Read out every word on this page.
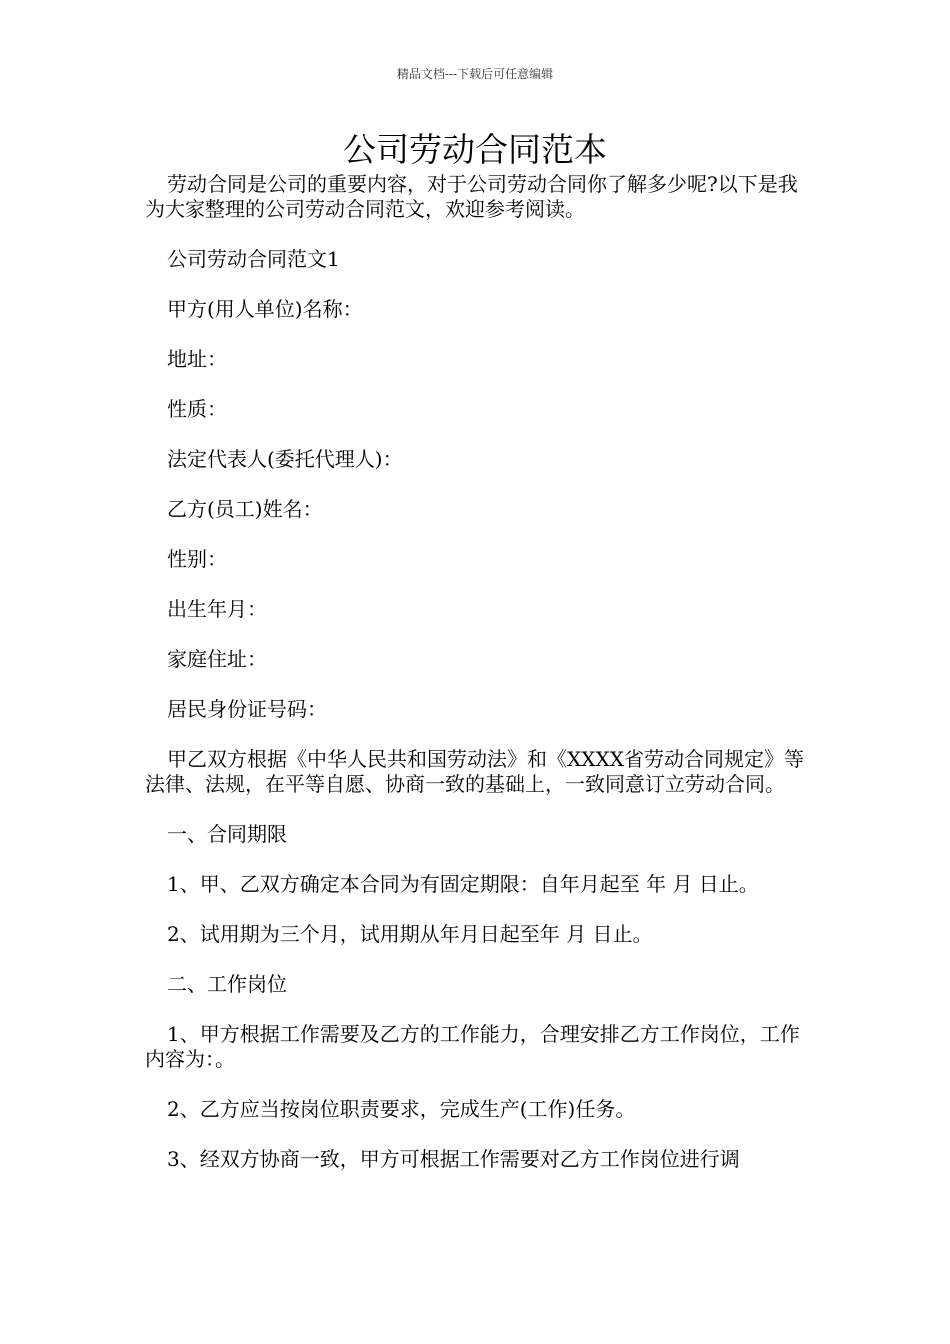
精品文档---下载后可任意编辑
公司劳动合同范本

劳动合同是公司的重要内容，对于公司劳动合同你了解多少呢?以下是我为大家整理的公司劳动合同范文，欢迎参考阅读。

公司劳动合同范文1

甲方(用人单位)名称：

地址：

性质：

法定代表人(委托代理人)：

乙方(员工)姓名：

性别：

出生年月：

家庭住址：

居民身份证号码：

甲乙双方根据《中华人民共和国劳动法》和《XXXX省劳动合同规定》等法律、法规，在平等自愿、协商一致的基础上，一致同意订立劳动合同。

一、合同期限

1、甲、乙双方确定本合同为有固定期限：自年月起至 年 月 日止。

2、试用期为三个月，试用期从年月日起至年 月 日止。

二、工作岗位

1、甲方根据工作需要及乙方的工作能力，合理安排乙方工作岗位，工作内容为：。

2、乙方应当按岗位职责要求，完成生产(工作)任务。

3、经双方协商一致，甲方可根据工作需要对乙方工作岗位进行调
